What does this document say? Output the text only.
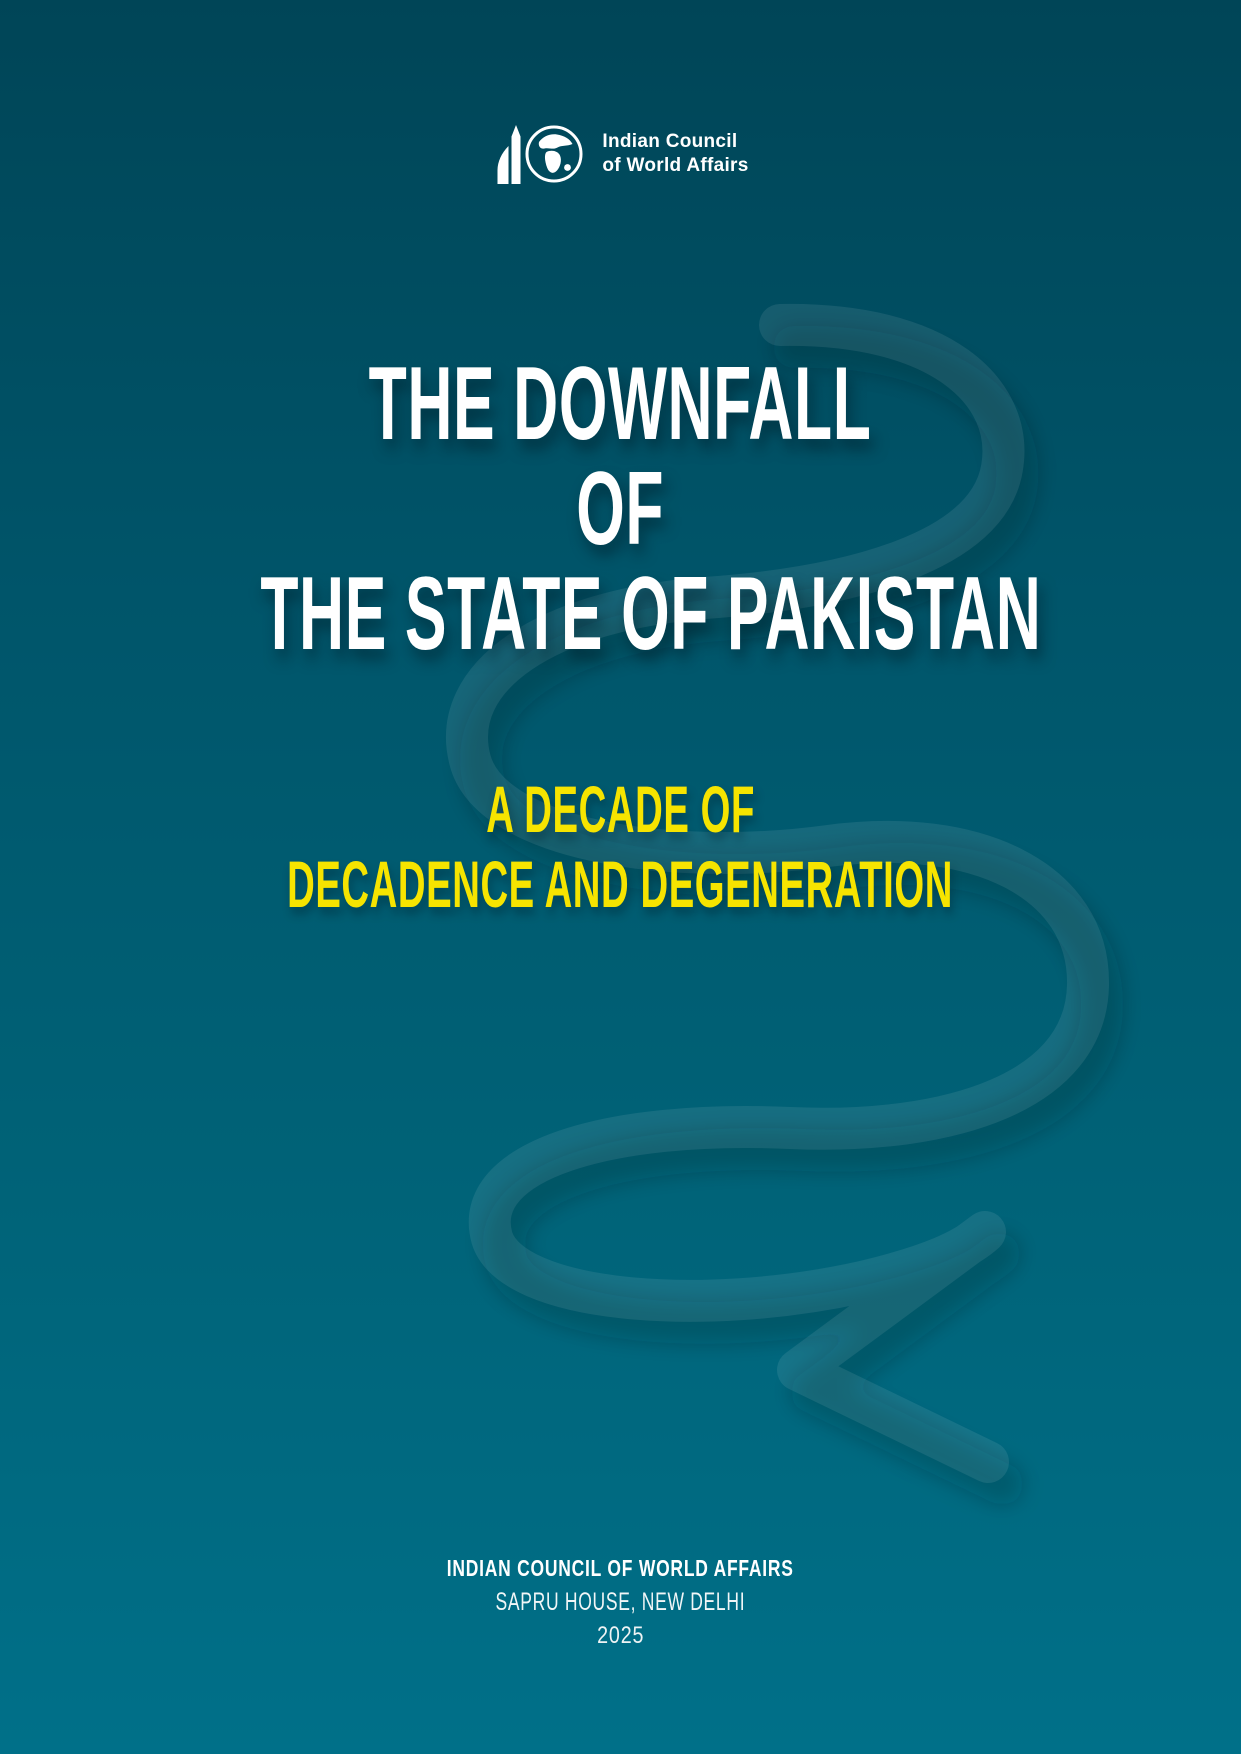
Indian Council
of World Affairs
THE DOWNFALL
OF
THE STATE OF PAKISTAN
A DECADE OF
DECADENCE AND DEGENERATION
INDIAN COUNCIL OF WORLD AFFAIRS
SAPRU HOUSE, NEW DELHI
2025
